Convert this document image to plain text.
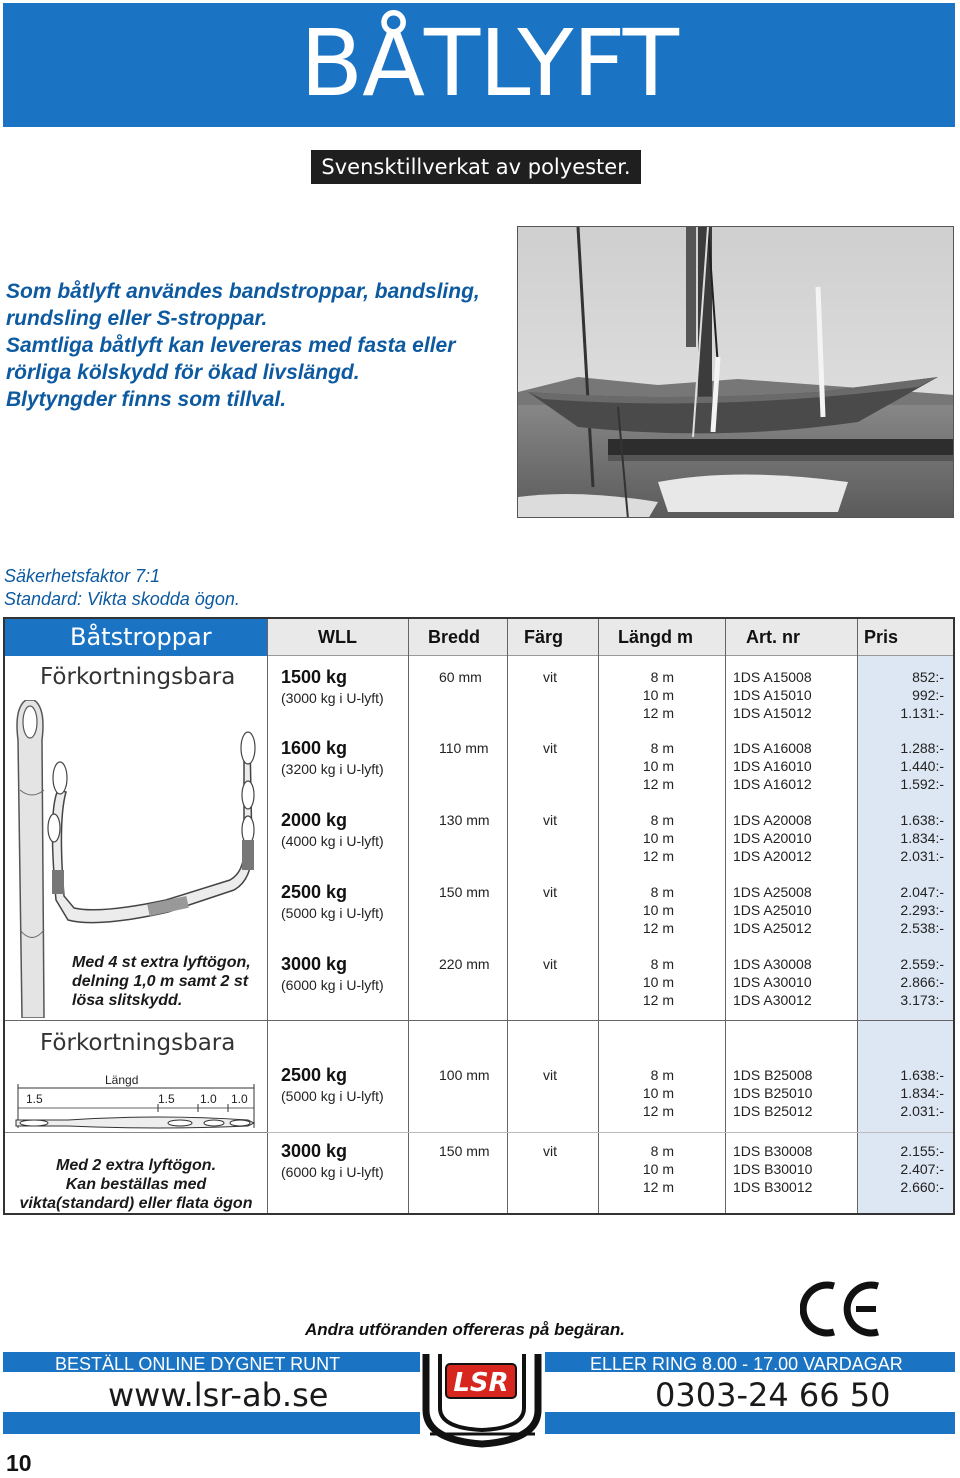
BÅTLYFT
Svensktillverkat av polyester.
Som båtlyft användes bandstroppar, bandsling,
rundsling eller S-stroppar.
Samtliga båtlyft kan levereras med fasta eller
rörliga kölskydd för ökad livslängd.
Blytyngder finns som tillval.
Säkerhetsfaktor 7:1
Standard: Vikta skodda ögon.
Båtstroppar	WLL	Bredd Färg	Längd m	Art. nr	Pris
Förkortningsbara
Med 4 st extra lyftögon,
delning 1,0 m samt 2 st
lösa slitskydd.
Förkortningsbara
Längd
1.5	1.5 1.0 1.0
Med 2 extra lyftögon.
Kan beställas med
vikta(standard) eller flata ögon
1500 kg
(3000 kg i U-lyft)
60 mm	vit	8 m	1DS A15008	852:-
10 m	1DS A15010	992:-
12 m	1DS A15012	1.131:-
1600 kg
(3200 kg i U-lyft)
110 mm	vit	8 m	1DS A16008	1.288:-
10 m	1DS A16010	1.440:-
12 m	1DS A16012	1.592:-
2000 kg
(4000 kg i U-lyft)
130 mm	vit	8 m	1DS A20008	1.638:-
10 m	1DS A20010	1.834:-
12 m	1DS A20012	2.031:-
2500 kg
(5000 kg i U-lyft)
150 mm	vit	8 m	1DS A25008	2.047:-
10 m	1DS A25010	2.293:-
12 m	1DS A25012	2.538:-
3000 kg
(6000 kg i U-lyft)
220 mm	vit	8 m	1DS A30008	2.559:-
10 m	1DS A30010	2.866:-
12 m	1DS A30012	3.173:-
2500 kg
(5000 kg i U-lyft)
100 mm	vit	8 m	1DS B25008	1.638:-
10 m	1DS B25010	1.834:-
12 m	1DS B25012	2.031:-
3000 kg
(6000 kg i U-lyft)
150 mm	vit	8 m	1DS B30008	2.155:-
10 m	1DS B30010	2.407:-
12 m	1DS B30012	2.660:-
Andra utföranden offereras på begäran.
BESTÄLL ONLINE DYGNET RUNT	ELLER RING 8.00 - 17.00 VARDAGAR
www.lsr-ab.se	0303-24 66 50
LSR
10
